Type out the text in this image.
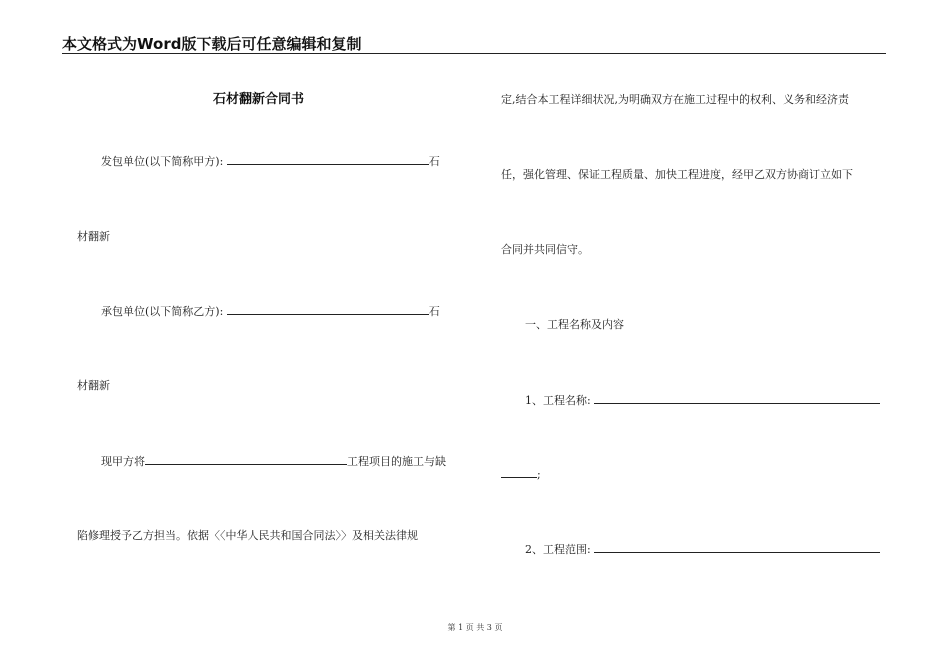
本文格式为Word版下载后可任意编辑和复制
石材翻新合同书
发包单位(以下简称甲方):	石
材翻新
承包单位(以下简称乙方):	石
材翻新
现甲方将	工程项目的施工与缺
陷修理授予乙方担当。依据〈〈中华人民共和国合同法〉〉及相关法律规
定,结合本工程详细状况,为明确双方在施工过程中的权利、义务和经济责
任，强化管理、保证工程质量、加快工程进度，经甲乙双方协商订立如下
合同并共同信守。
一、工程名称及内容
1、工程名称:
;
2、工程范围:
第 1 页 共 3 页
